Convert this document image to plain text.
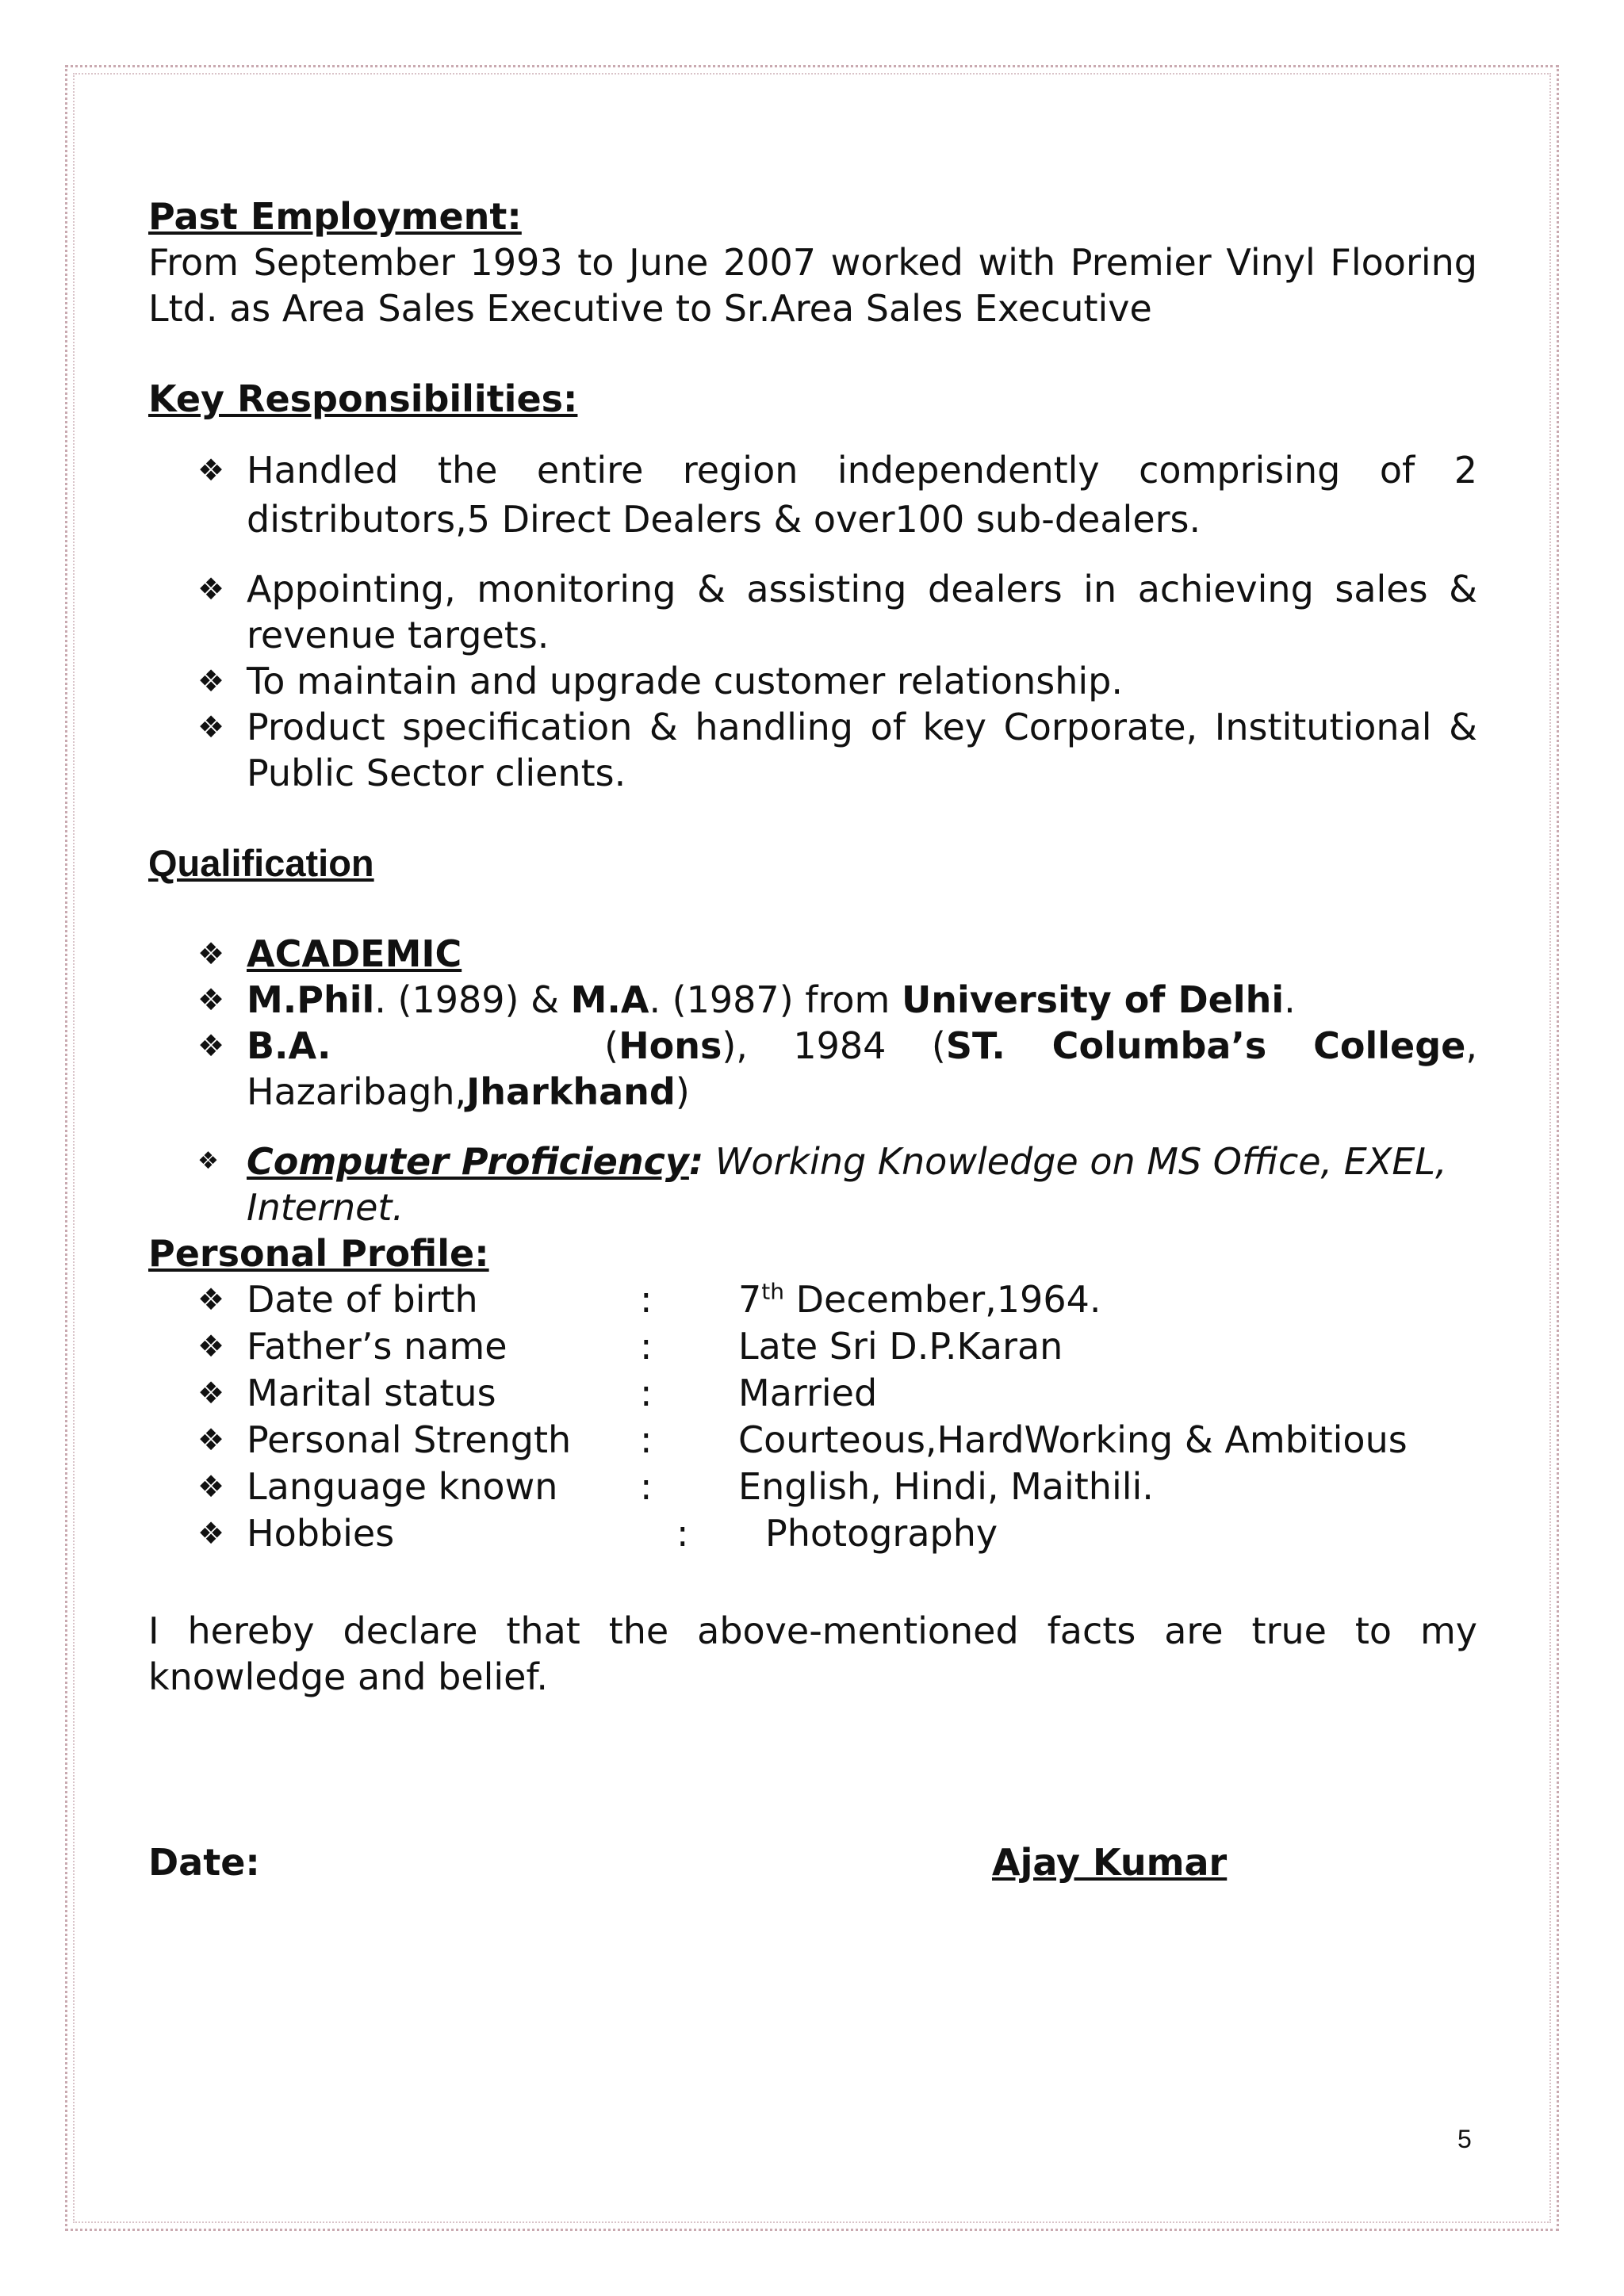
Past Employment:

From September 1993 to June 2007 worked with Premier Vinyl Flooring Ltd. as Area Sales Executive to Sr.Area Sales Executive

Key Responsibilities:

❖ Handled the entire region independently comprising of 2 distributors,5 Direct Dealers & over100 sub-dealers.

❖ Appointing, monitoring & assisting dealers in achieving sales & revenue targets.

❖ To maintain and upgrade customer relationship.

❖ Product specification & handling of key Corporate, Institutional & Public Sector clients.

Qualification

❖ ACADEMIC

❖ M.Phil. (1989) & M.A. (1987) from University of Delhi.

❖ B.A.	(Hons), 1984 (ST. Columba’s College, Hazaribagh,Jharkhand)

❖ Computer Proficiency: Working Knowledge on MS Office, EXEL, Internet.

Personal Profile:

❖ Date of birth	: 7th December,1964.
❖ Father’s name	: Late Sri D.P.Karan
❖ Marital status	: Married
❖ Personal Strength : Courteous,HardWorking & Ambitious
❖ Language known : English, Hindi, Maithili.
❖ Hobbies	: Photography

I hereby declare that the above-mentioned facts are true to my knowledge and belief.

Date:	Ajay Kumar
5
